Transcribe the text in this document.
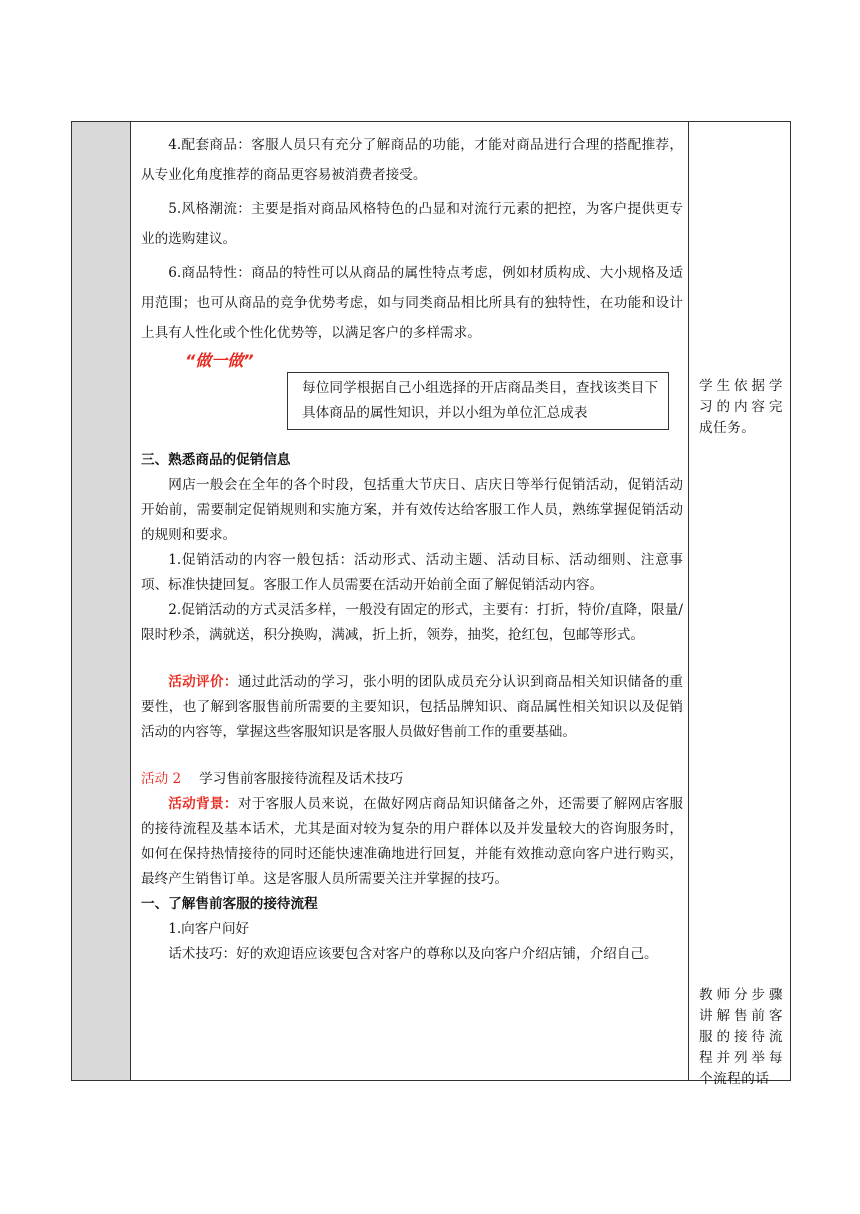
4.配套商品：客服人员只有充分了解商品的功能，才能对商品进行合理的搭配推荐，从专业化角度推荐的商品更容易被消费者接受。

5.风格潮流：主要是指对商品风格特色的凸显和对流行元素的把控，为客户提供更专业的选购建议。

6.商品特性：商品的特性可以从商品的属性特点考虑，例如材质构成、大小规格及适用范围；也可从商品的竞争优势考虑，如与同类商品相比所具有的独特性，在功能和设计上具有人性化或个性化优势等，以满足客户的多样需求。

“做一做”
每位同学根据自己小组选择的开店商品类目，查找该类目下具体商品的属性知识，并以小组为单位汇总成表

三、熟悉商品的促销信息

网店一般会在全年的各个时段，包括重大节庆日、店庆日等举行促销活动，促销活动开始前，需要制定促销规则和实施方案，并有效传达给客服工作人员，熟练掌握促销活动的规则和要求。

1.促销活动的内容一般包括：活动形式、活动主题、活动目标、活动细则、注意事项、标准快捷回复。客服工作人员需要在活动开始前全面了解促销活动内容。

2.促销活动的方式灵活多样，一般没有固定的形式，主要有：打折，特价/直降，限量/限时秒杀，满就送，积分换购，满减，折上折，领券，抽奖，抢红包，包邮等形式。

活动评价：通过此活动的学习，张小明的团队成员充分认识到商品相关知识储备的重要性，也了解到客服售前所需要的主要知识，包括品牌知识、商品属性相关知识以及促销活动的内容等，掌握这些客服知识是客服人员做好售前工作的重要基础。

活动 2 学习售前客服接待流程及话术技巧

活动背景：对于客服人员来说，在做好网店商品知识储备之外，还需要了解网店客服的接待流程及基本话术，尤其是面对较为复杂的用户群体以及并发量较大的咨询服务时，如何在保持热情接待的同时还能快速准确地进行回复，并能有效推动意向客户进行购买，最终产生销售订单。这是客服人员所需要关注并掌握的技巧。

一、了解售前客服的接待流程

1.向客户问好

话术技巧：好的欢迎语应该要包含对客户的尊称以及向客户介绍店铺，介绍自己。

学生依据学习的内容完成任务。
教师分步骤讲解售前客服的接待流程并列举每个流程的话
